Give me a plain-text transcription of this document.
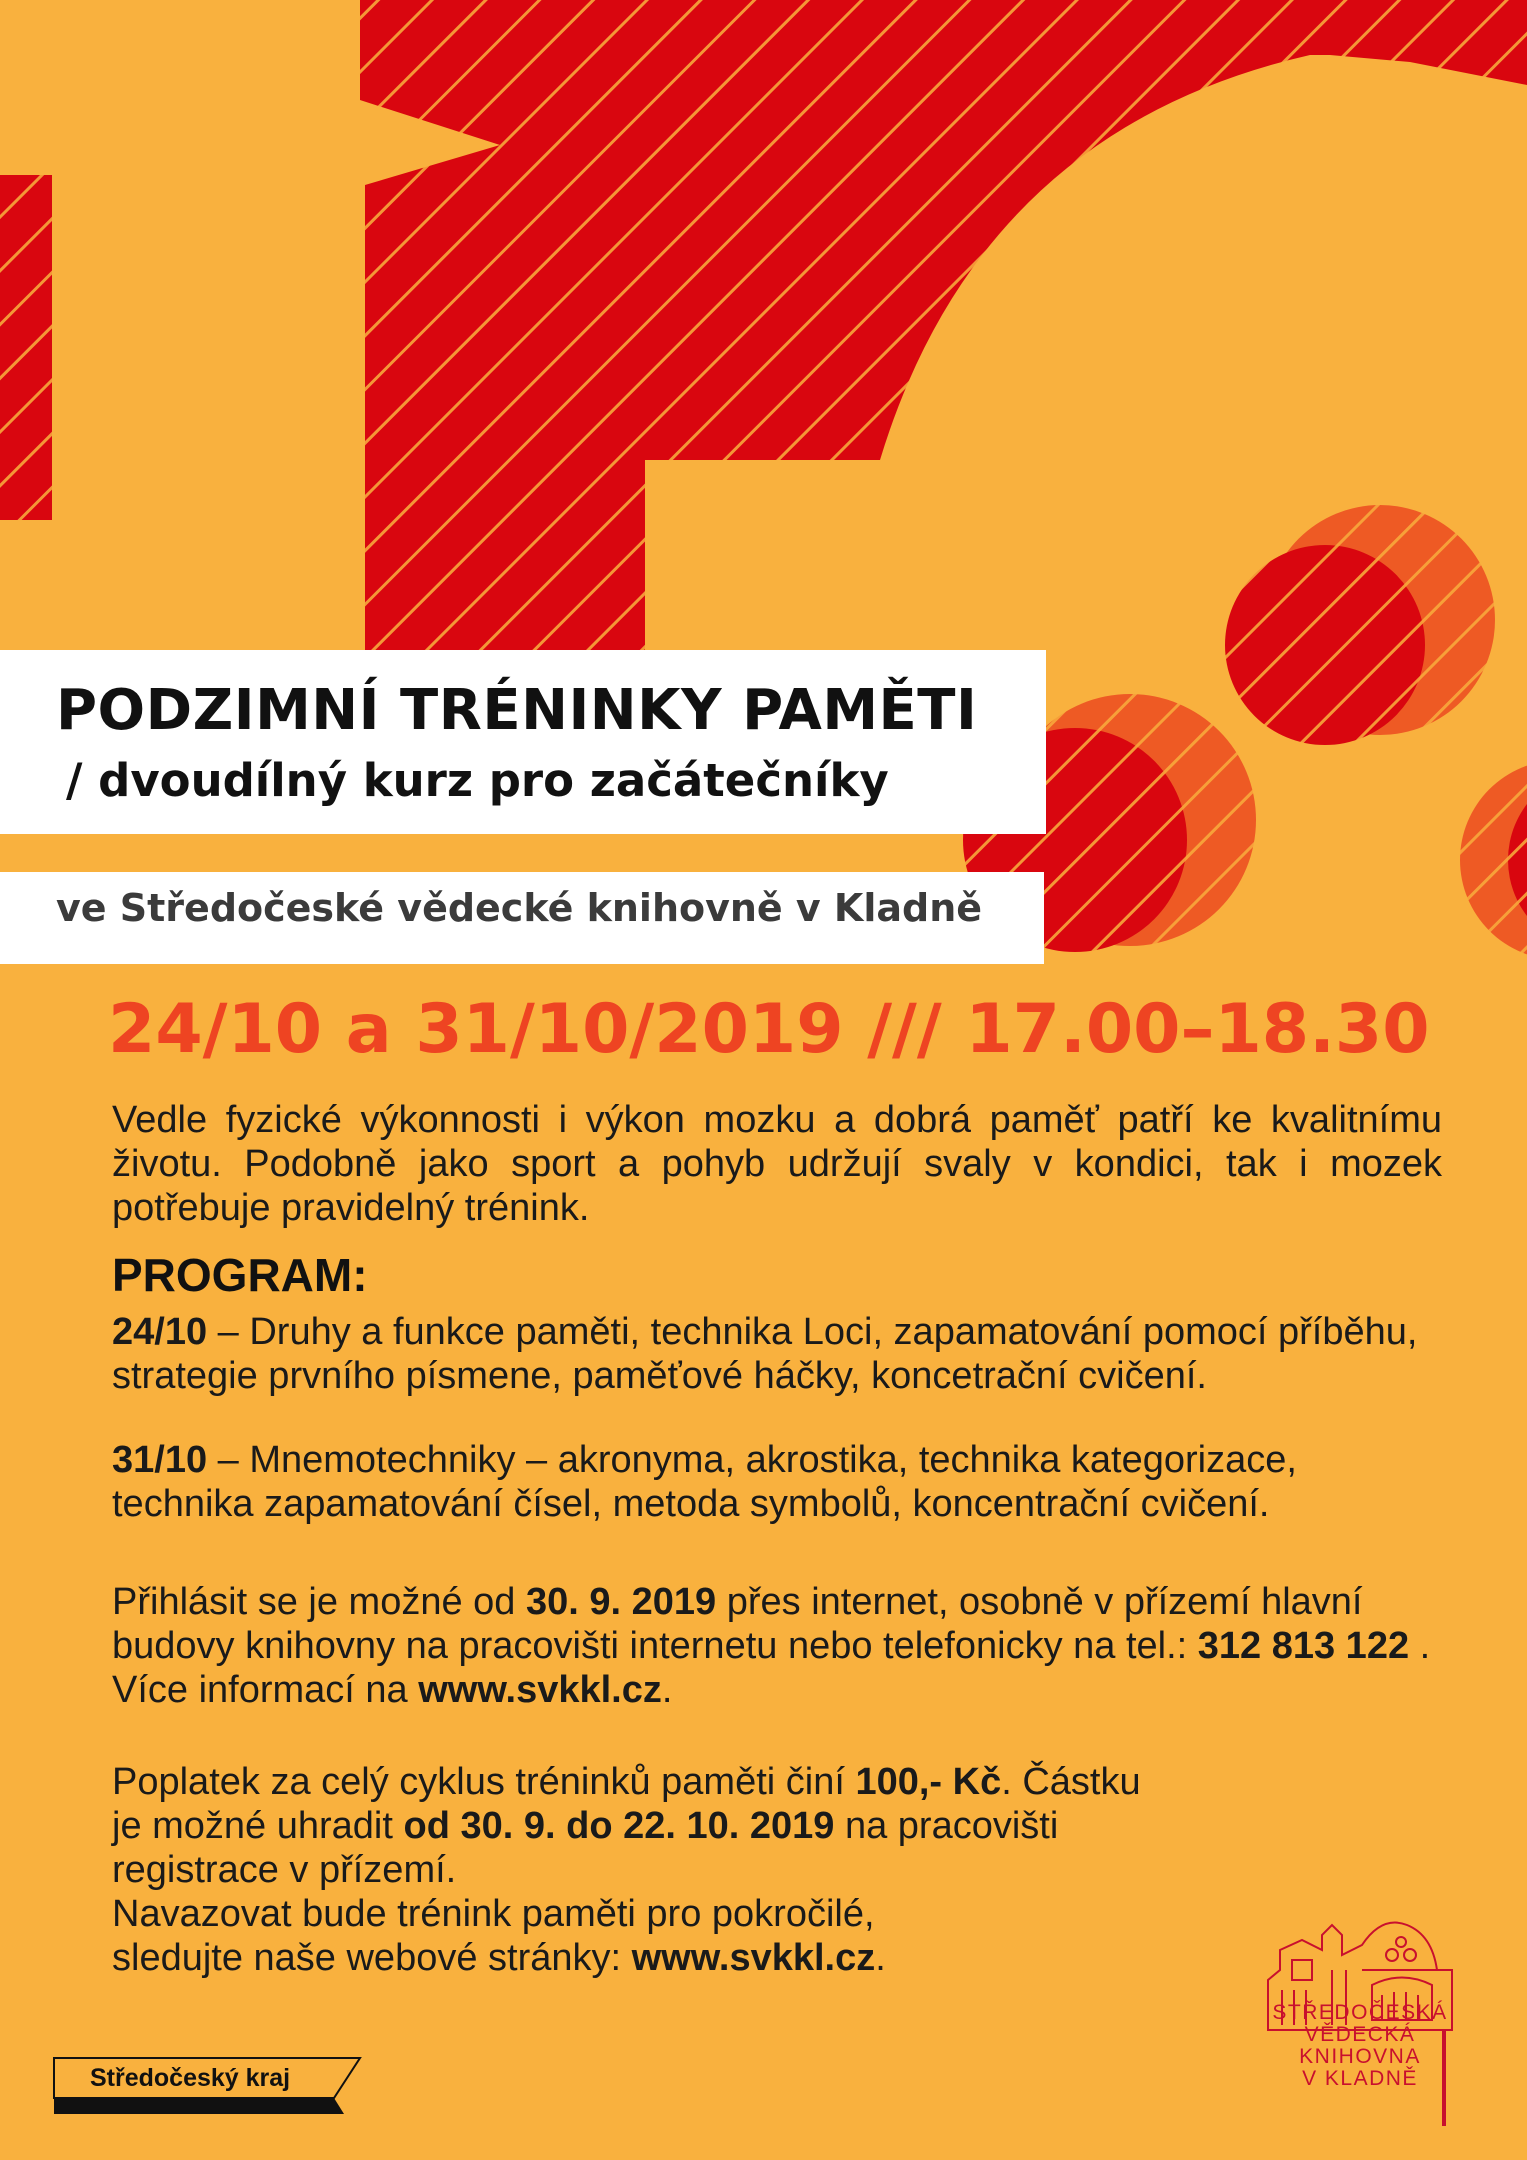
PODZIMNÍ TRÉNINKY PAMĚTI
/ dvoudílný kurz pro začátečníky

ve Středočeské vědecké knihovně v Kladně

24/10 a 31/10/2019 /// 17.00–18.30

Vedle fyzické výkonnosti i výkon mozku a dobrá paměť patří ke kvalitnímu životu. Podobně jako sport a pohyb udržují svaly v kondici, tak i mozek potřebuje pravidelný trénink.

PROGRAM:

24/10 – Druhy a funkce paměti, technika Loci, zapamatování pomocí příběhu, strategie prvního písmene, paměťové háčky, koncetrační cvičení.

31/10 – Mnemotechniky – akronyma, akrostika, technika kategorizace, technika zapamatování čísel, metoda symbolů, koncentrační cvičení.

Přihlásit se je možné od 30. 9. 2019 přes internet, osobně v přízemí hlavní budovy knihovny na pracovišti internetu nebo telefonicky na tel.: 312 813 122 . Více informací na www.svkkl.cz.

Poplatek za celý cyklus tréninků paměti činí 100,- Kč. Částku je možné uhradit od 30. 9. do 22. 10. 2019 na pracovišti registrace v přízemí.
Navazovat bude trénink paměti pro pokročilé,
sledujte naše webové stránky: www.svkkl.cz.

STŘEDOČESKÁ
VĚDECKÁ
KNIHOVNA
V KLADNĚ

Středočeský kraj
